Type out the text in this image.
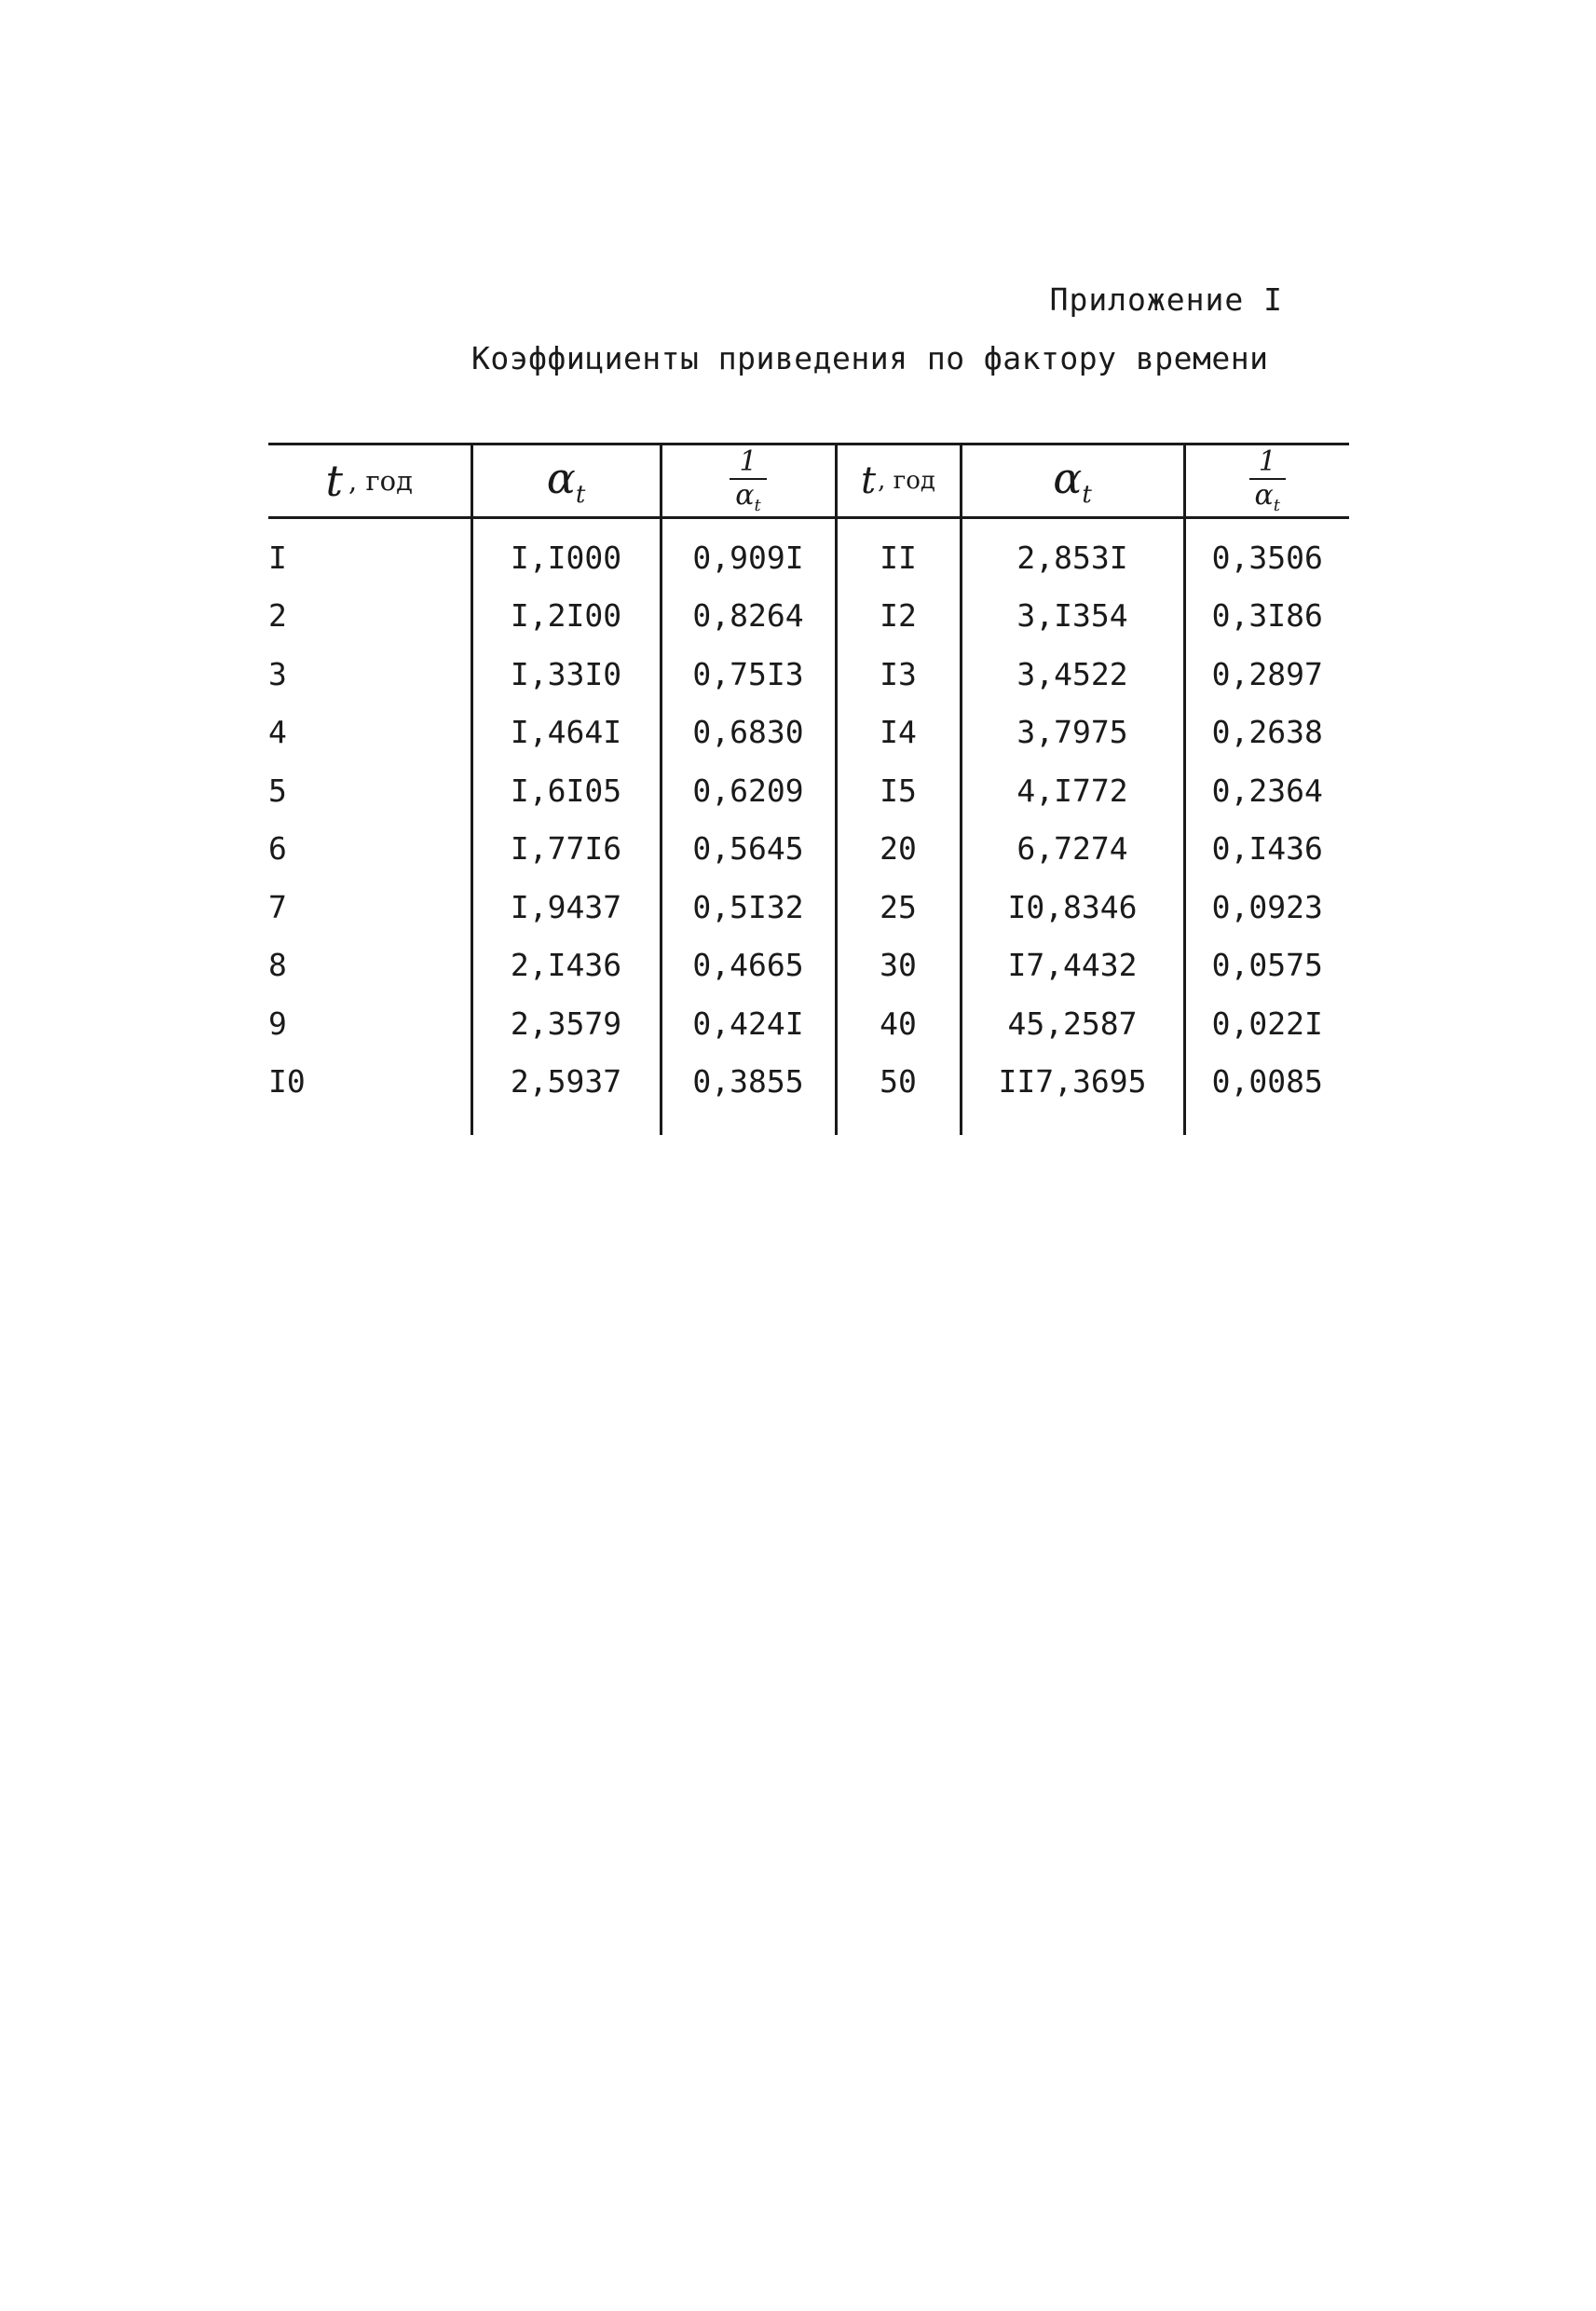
Приложение I
Коэффициенты приведения по фактору времени
t , год	$\alpha_t$	$\frac{1}{\alpha_t}$	t, год	$\alpha_t$	$\frac{1}{\alpha_t}$

I	I,I000	0,909I	II	2,853I	0,3506
2	I,2I00	0,8264	I2	3,I354	0,3I86
3	I,33I0	0,75I3	I3	3,4522	0,2897
4	I,464I	0,6830	I4	3,7975	0,2638
5	I,6I05	0,6209	I5	4,I772	0,2364
6	I,77I6	0,5645	20	6,7274	0,I436
7	I,9437	0,5I32	25	I0,8346	0,0923
8	2,I436	0,4665	30	I7,4432	0,0575
9	2,3579	0,424I	40	45,2587	0,022I
I0	2,5937	0,3855	50	II7,3695	0,0085
